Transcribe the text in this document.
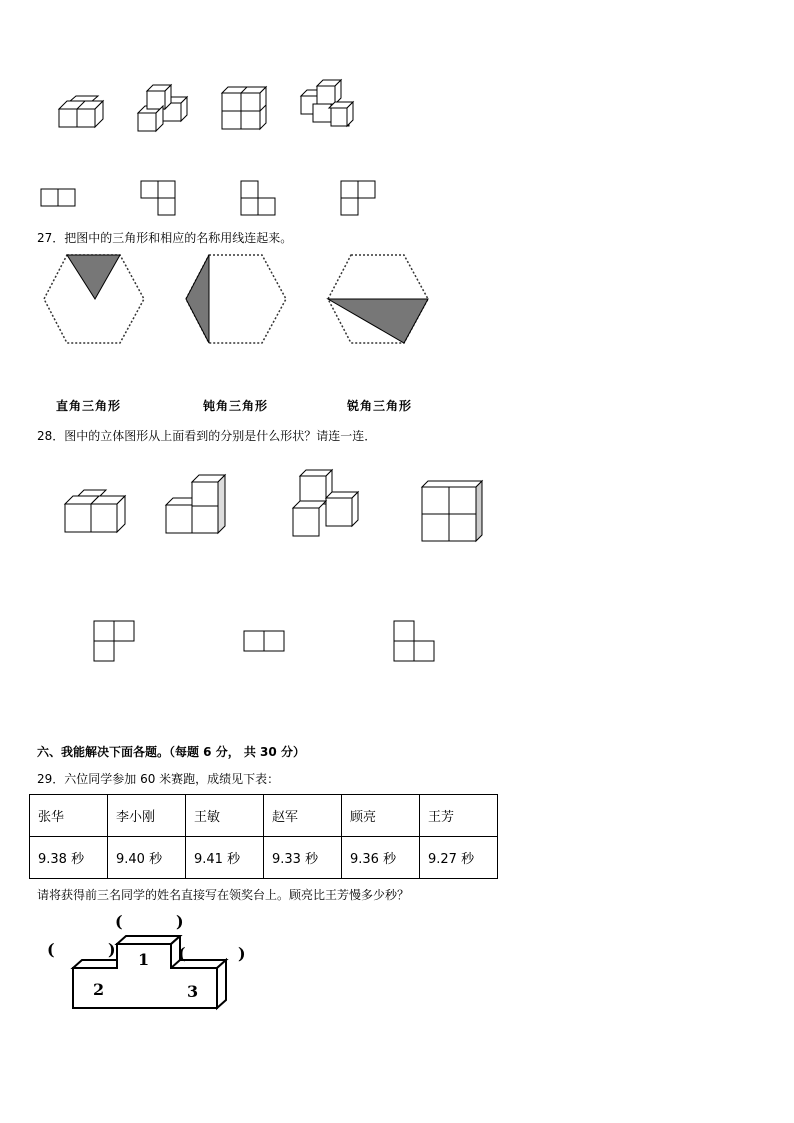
27．把图中的三角形和相应的名称用线连起来。
直角三角形	钝角三角形	锐角三角形
28．图中的立体图形从上面看到的分别是什么形状？请连一连．
六、我能解决下面各题。（每题 6 分， 共 30 分）
29．六位同学参加 60 米赛跑，成绩见下表：
张华	李小刚	王敏	赵军	顾亮	王芳
9.38 秒	9.40 秒	9.41 秒	9.33 秒	9.36 秒	9.27 秒
请将获得前三名同学的姓名直接写在领奖台上。顾亮比王芳慢多少秒？
1
2	3
(	)
(	)	(	)
